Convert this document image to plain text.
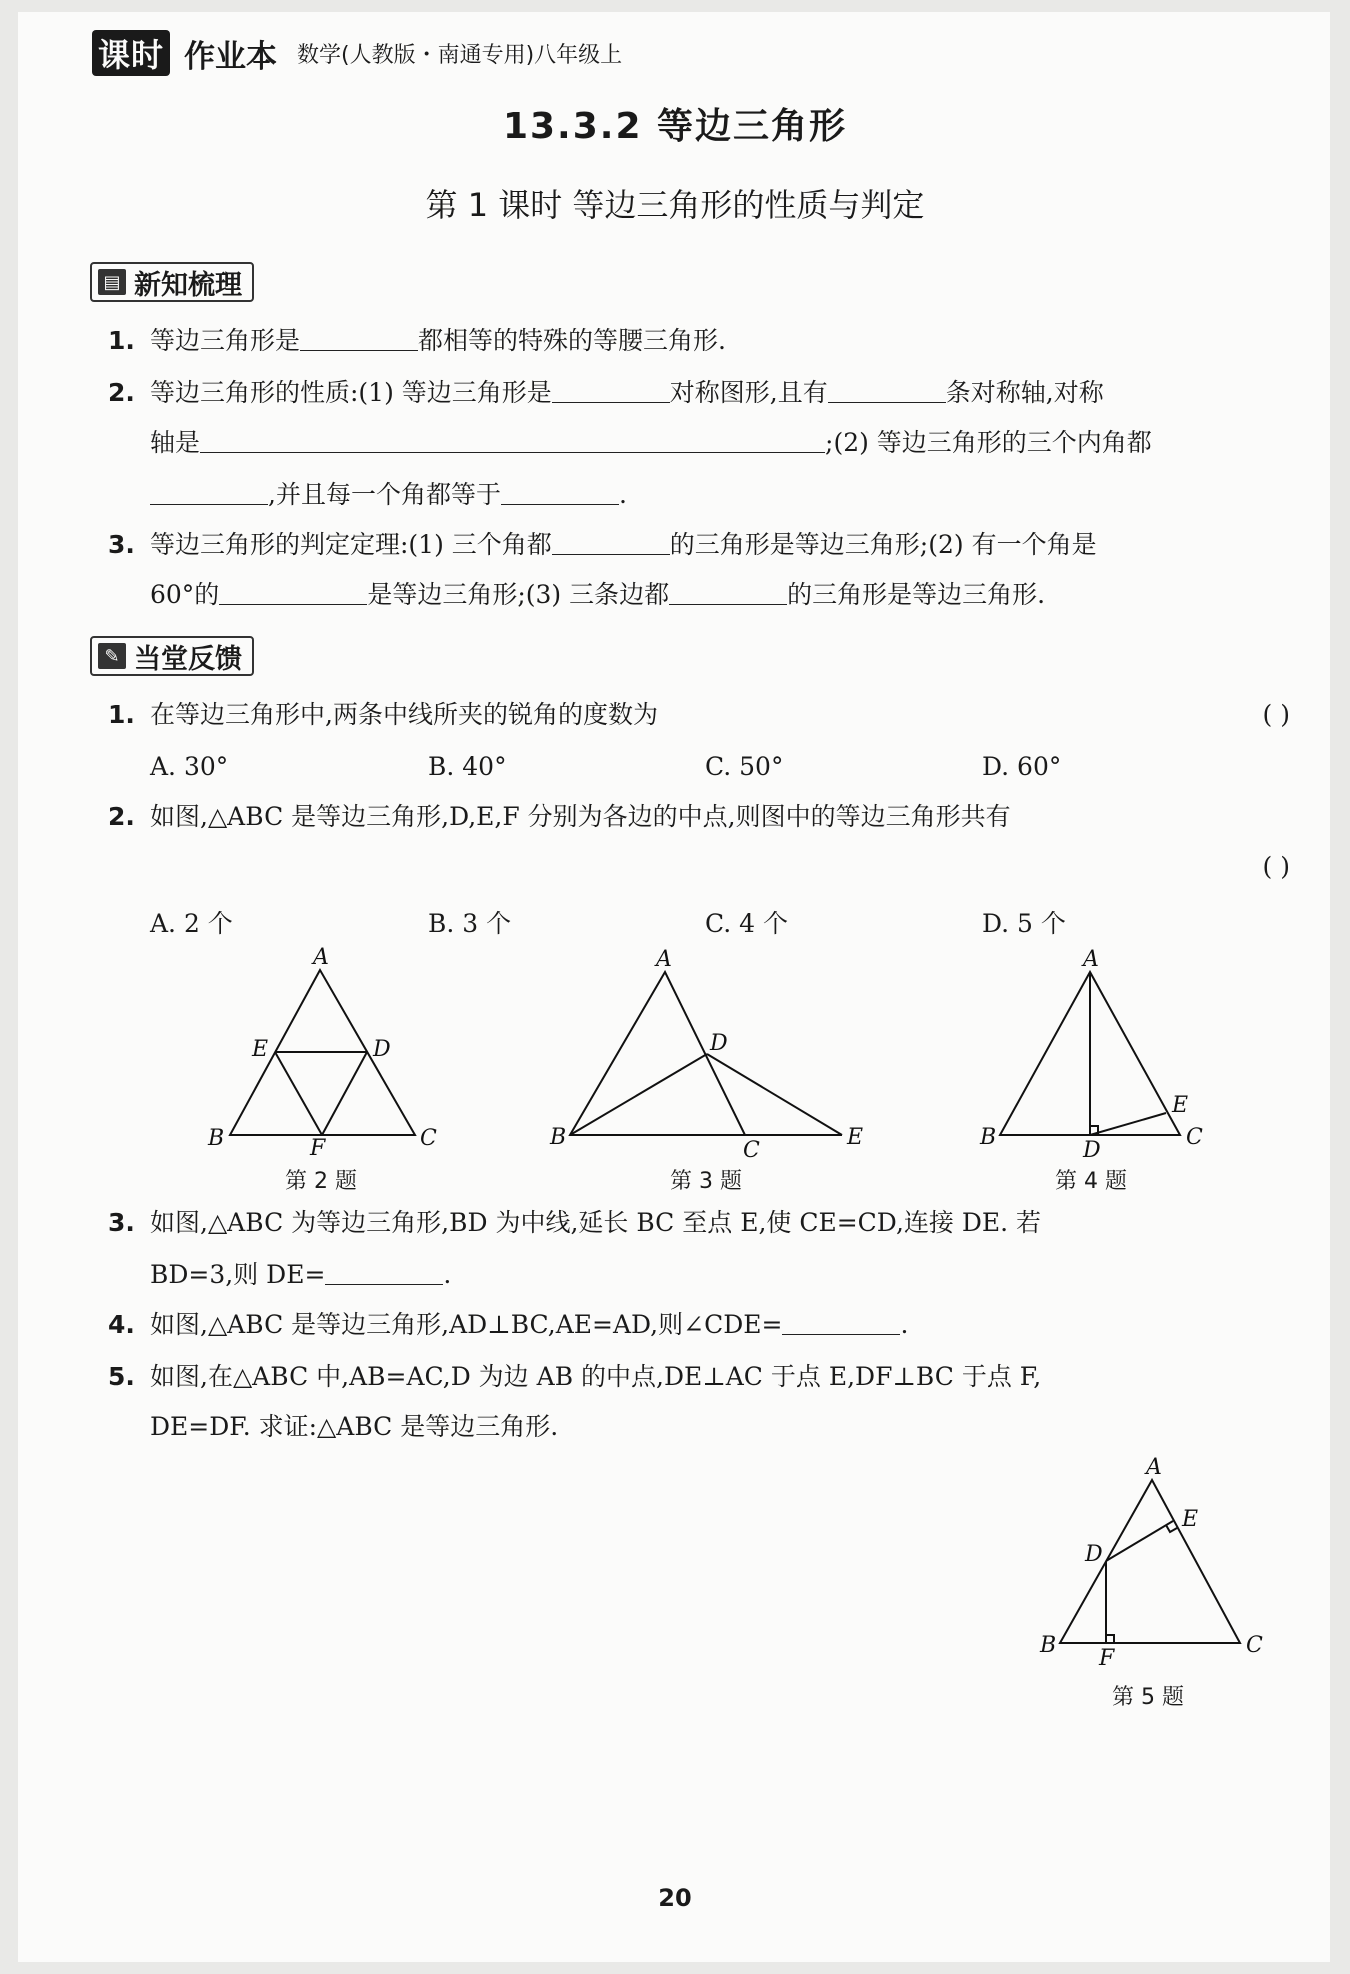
课时 作业本 数学(人教版・南通专用)八年级上
13.3.2 等边三角形
第 1 课时 等边三角形的性质与判定
▤ 新知梳理
1. 等边三角形是	都相等的特殊的等腰三角形.
2. 等边三角形的性质:(1) 等边三角形是	对称图形,且有	条对称轴,对称
轴是	;(2) 等边三角形的三个内角都
,并且每一个角都等于	.
3. 等边三角形的判定定理:(1) 三个角都	的三角形是等边三角形;(2) 有一个角是
60°的	是等边三角形;(3) 三条边都	的三角形是等边三角形.
✎ 当堂反馈
1. 在等边三角形中,两条中线所夹的锐角的度数为	( )
A. 30°	B. 40°	C. 50°	D. 60°
2. 如图,△ABC 是等边三角形,D,E,F 分别为各边的中点,则图中的等边三角形共有
( )
A. 2 个	B. 3 个	C. 4 个	D. 5 个
A
B	C
D
E
F
第 2 题
A
B
C
D
E
第 3 题
A
B	C
D
E
第 4 题
3. 如图,△ABC 为等边三角形,BD 为中线,延长 BC 至点 E,使 CE=CD,连接 DE. 若
BD=3,则 DE=	.
4. 如图,△ABC 是等边三角形,AD⊥BC,AE=AD,则∠CDE=	.
5. 如图,在△ABC 中,AB=AC,D 为边 AB 的中点,DE⊥AC 于点 E,DF⊥BC 于点 F,
DE=DF. 求证:△ABC 是等边三角形.
A
B	C
D
E
F
第 5 题
20
